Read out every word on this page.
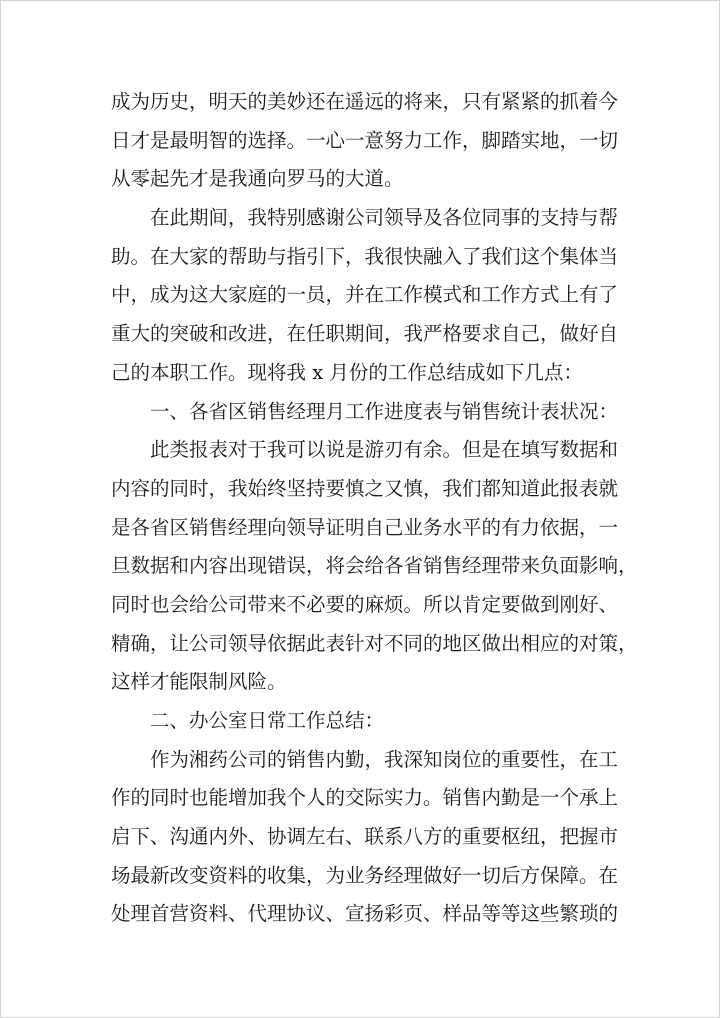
成为历史，明天的美妙还在遥远的将来，只有紧紧的抓着今
日才是最明智的选择。一心一意努力工作，脚踏实地，一切
从零起先才是我通向罗马的大道。
在此期间，我特别感谢公司领导及各位同事的支持与帮
助。在大家的帮助与指引下，我很快融入了我们这个集体当
中，成为这大家庭的一员，并在工作模式和工作方式上有了
重大的突破和改进，在任职期间，我严格要求自己，做好自
己的本职工作。现将我 x 月份的工作总结成如下几点：
一、各省区销售经理月工作进度表与销售统计表状况：
此类报表对于我可以说是游刃有余。但是在填写数据和
内容的同时，我始终坚持要慎之又慎，我们都知道此报表就
是各省区销售经理向领导证明自己业务水平的有力依据，一
旦数据和内容出现错误，将会给各省销售经理带来负面影响，
同时也会给公司带来不必要的麻烦。所以肯定要做到刚好、
精确，让公司领导依据此表针对不同的地区做出相应的对策，
这样才能限制风险。
二、办公室日常工作总结：
作为湘药公司的销售内勤，我深知岗位的重要性，在工
作的同时也能增加我个人的交际实力。销售内勤是一个承上
启下、沟通内外、协调左右、联系八方的重要枢纽，把握市
场最新改变资料的收集，为业务经理做好一切后方保障。在
处理首营资料、代理协议、宣扬彩页、样品等等这些繁琐的
